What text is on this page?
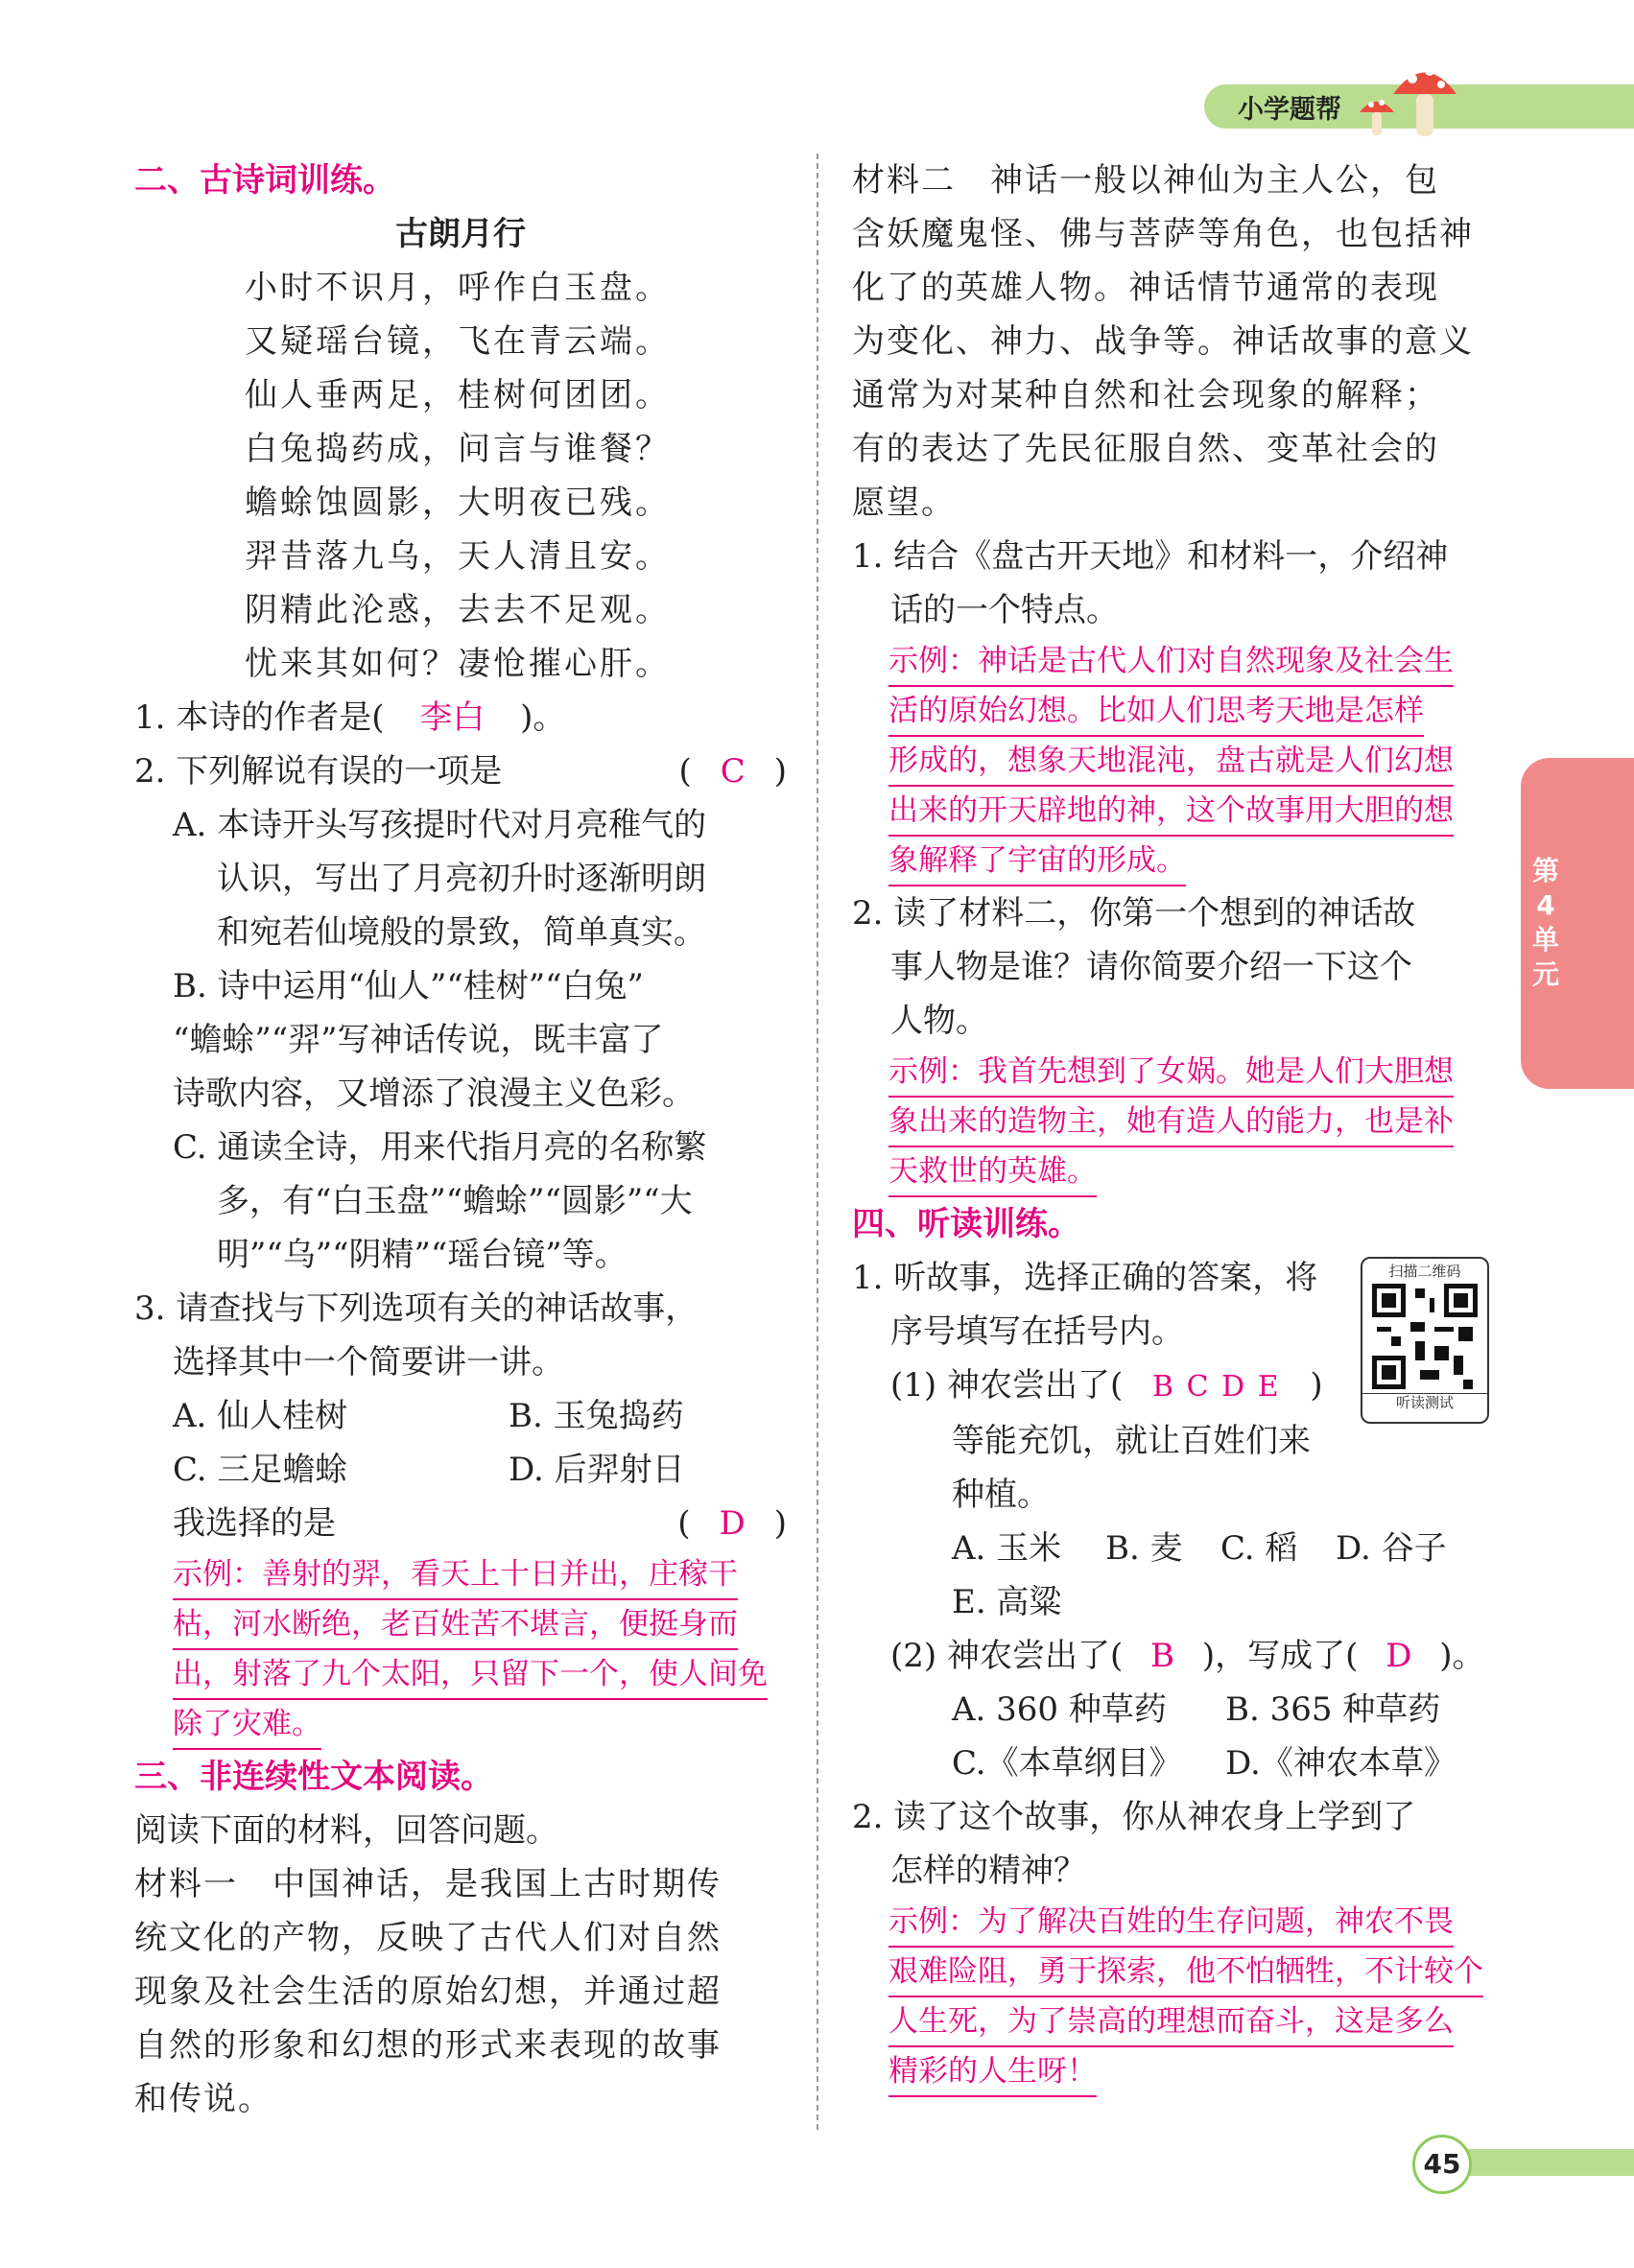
小学题帮
第4单元
二、古诗词训练。
古朗月行
小时不识月，呼作白玉盘。
又疑瑶台镜，飞在青云端。
仙人垂两足，桂树何团团。
白兔捣药成，问言与谁餐？
蟾蜍蚀圆影，大明夜已残。
羿昔落九乌，天人清且安。
阴精此沦惑，去去不足观。
忧来其如何？凄怆摧心肝。
1. 本诗的作者是( 李白 )。
2. 下列解说有误的一项是	( C )
A. 本诗开头写孩提时代对月亮稚气的
认识，写出了月亮初升时逐渐明朗
和宛若仙境般的景致，简单真实。
B. 诗中运用“仙人”“桂树”“白兔”
“蟾蜍”“羿”写神话传说，既丰富了
诗歌内容，又增添了浪漫主义色彩。
C. 通读全诗，用来代指月亮的名称繁
多，有“白玉盘”“蟾蜍”“圆影”“大
明”“乌”“阴精”“瑶台镜”等。
3. 请查找与下列选项有关的神话故事，
选择其中一个简要讲一讲。
A. 仙人桂树	B. 玉兔捣药
C. 三足蟾蜍	D. 后羿射日
我选择的是	( D )
示例：善射的羿，看天上十日并出，庄稼干
枯，河水断绝，老百姓苦不堪言，便挺身而
出，射落了九个太阳，只留下一个，使人间免
除了灾难。
三、非连续性文本阅读。
阅读下面的材料，回答问题。
材料一　中国神话，是我国上古时期传
统文化的产物，反映了古代人们对自然
现象及社会生活的原始幻想，并通过超
自然的形象和幻想的形式来表现的故事
和传说。
材料二　神话一般以神仙为主人公，包
含妖魔鬼怪、佛与菩萨等角色，也包括神
化了的英雄人物。神话情节通常的表现
为变化、神力、战争等。神话故事的意义
通常为对某种自然和社会现象的解释；
有的表达了先民征服自然、变革社会的
愿望。
1. 结合《盘古开天地》和材料一，介绍神
话的一个特点。
示例：神话是古代人们对自然现象及社会生
活的原始幻想。比如人们思考天地是怎样
形成的，想象天地混沌，盘古就是人们幻想
出来的开天辟地的神，这个故事用大胆的想
象解释了宇宙的形成。
2. 读了材料二，你第一个想到的神话故
事人物是谁？请你简要介绍一下这个
人物。
示例：我首先想到了女娲。她是人们大胆想
象出来的造物主，她有造人的能力，也是补
天救世的英雄。
四、听读训练。
1. 听故事，选择正确的答案，将
序号填写在括号内。
(1) 神农尝出了( B C D E )
等能充饥，就让百姓们来
种植。
A. 玉米 B. 麦 C. 稻 D. 谷子
E. 高粱
(2) 神农尝出了( B )，写成了( D )。
A. 360 种草药 B. 365 种草药
C.《本草纲目》 D.《神农本草》
2. 读了这个故事，你从神农身上学到了
怎样的精神？
示例：为了解决百姓的生存问题，神农不畏
艰难险阻，勇于探索，他不怕牺牲，不计较个
人生死，为了崇高的理想而奋斗，这是多么
精彩的人生呀！
扫描二维码
听读测试
45
